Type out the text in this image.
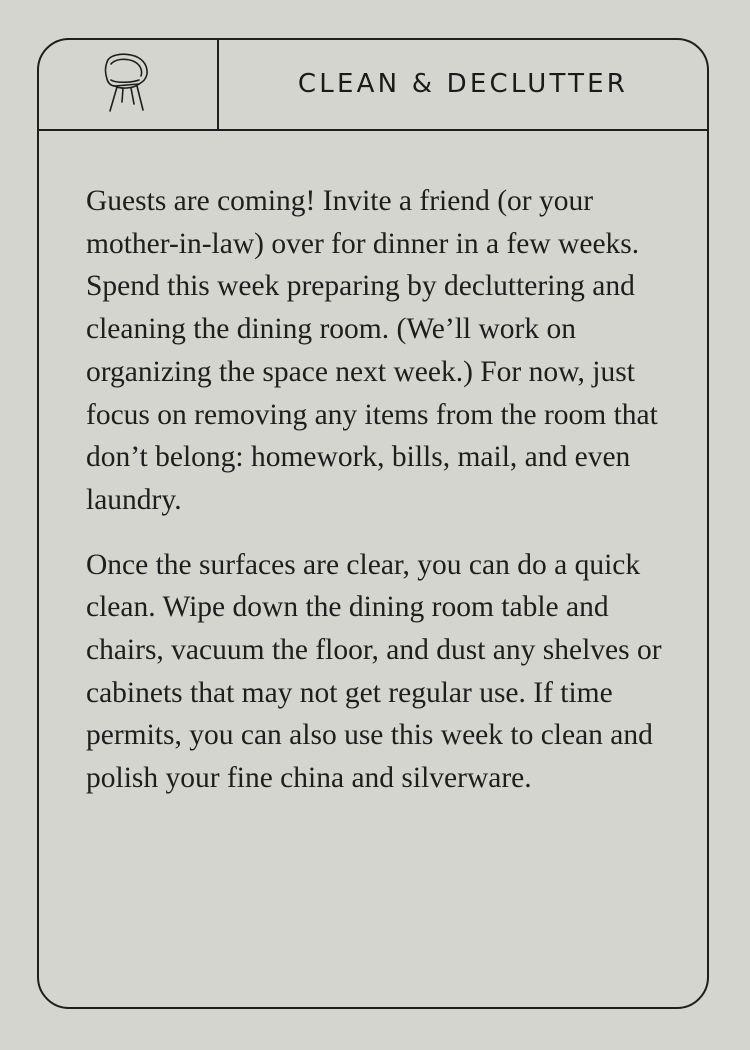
CLEAN & DECLUTTER

Guests are coming! Invite a friend (or your mother-in-law) over for dinner in a few weeks. Spend this week preparing by decluttering and cleaning the dining room. (We’ll work on organizing the space next week.) For now, just focus on removing any items from the room that don’t belong: homework, bills, mail, and even laundry.

Once the surfaces are clear, you can do a quick clean. Wipe down the dining room table and chairs, vacuum the floor, and dust any shelves or cabinets that may not get regular use. If time permits, you can also use this week to clean and polish your fine china and silverware.
